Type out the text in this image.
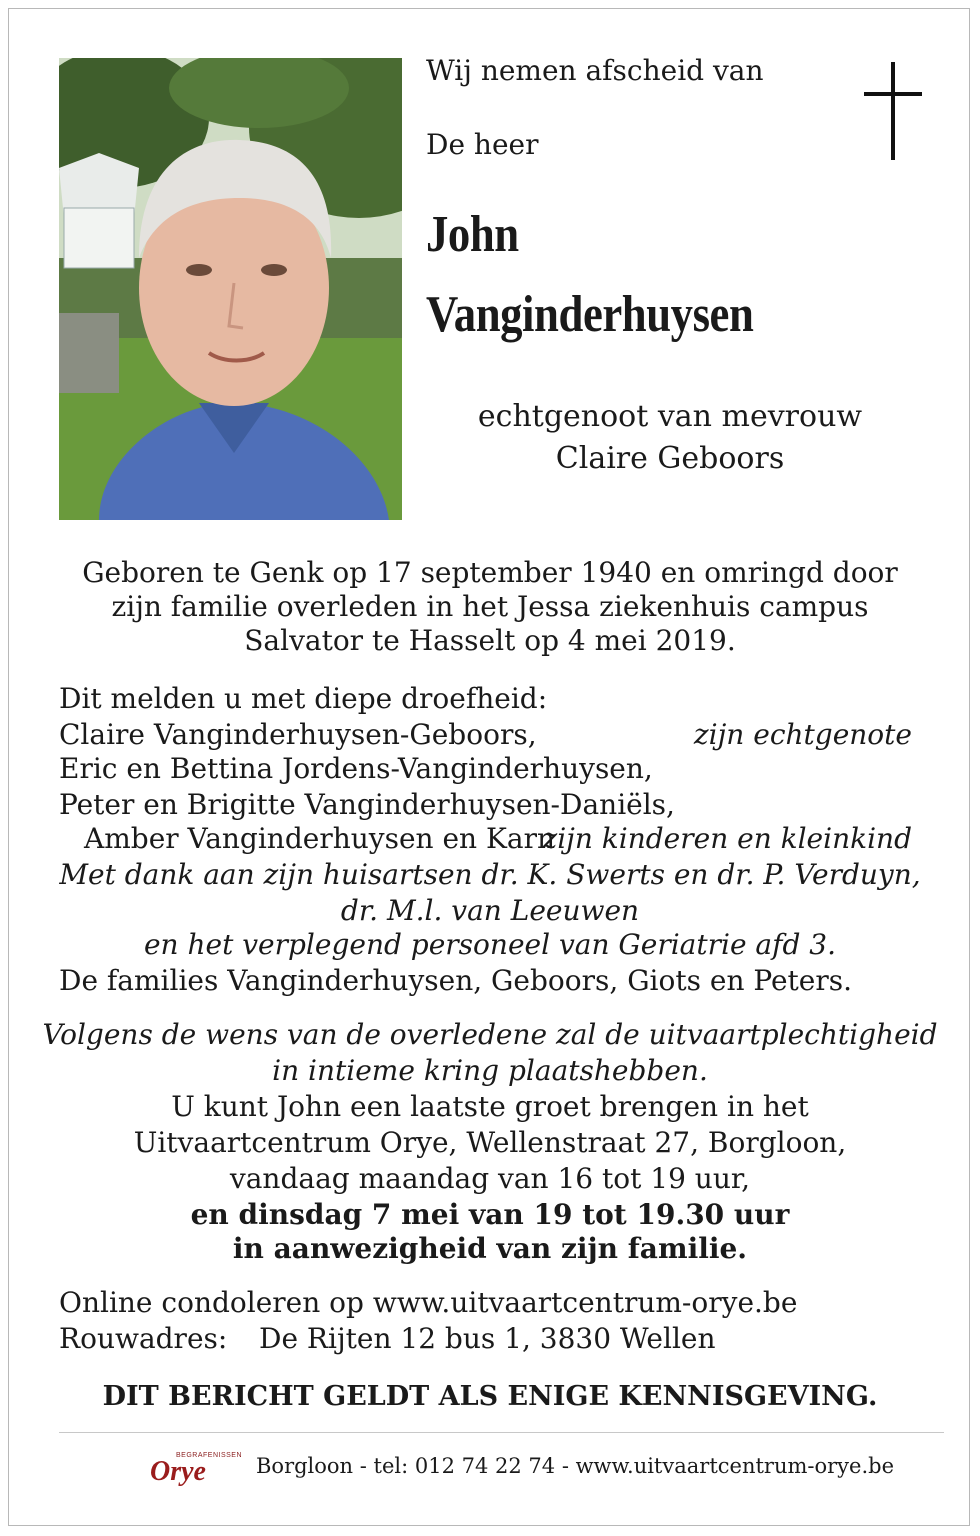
Wij nemen afscheid van
De heer
John
Vanginderhuysen
echtgenoot van mevrouw
Claire Geboors
Geboren te Genk op 17 september 1940 en omringd door
zijn familie overleden in het Jessa ziekenhuis campus
Salvator te Hasselt op 4 mei 2019.
Dit melden u met diepe droefheid:
Claire Vanginderhuysen-Geboors,	zijn echtgenote
Eric en Bettina Jordens-Vanginderhuysen,
Peter en Brigitte Vanginderhuysen-Daniëls,
Amber Vanginderhuysen en Karn
zijn kinderen en kleinkind
Met dank aan zijn huisartsen dr. K. Swerts en dr. P. Verduyn,
dr. M.l. van Leeuwen
en het verplegend personeel van Geriatrie afd 3.
De families Vanginderhuysen, Geboors, Giots en Peters.
Volgens de wens van de overledene zal de uitvaartplechtigheid
in intieme kring plaatshebben.
U kunt John een laatste groet brengen in het
Uitvaartcentrum Orye, Wellenstraat 27, Borgloon,
vandaag maandag van 16 tot 19 uur,
en dinsdag 7 mei van 19 tot 19.30 uur
in aanwezigheid van zijn familie.
Online condoleren op www.uitvaartcentrum-orye.be
Rouwadres: De Rijten 12 bus 1, 3830 Wellen
DIT BERICHT GELDT ALS ENIGE KENNISGEVING.
BEGRAFENISSEN
Orye Borgloon - tel: 012 74 22 74 - www.uitvaartcentrum-orye.be
